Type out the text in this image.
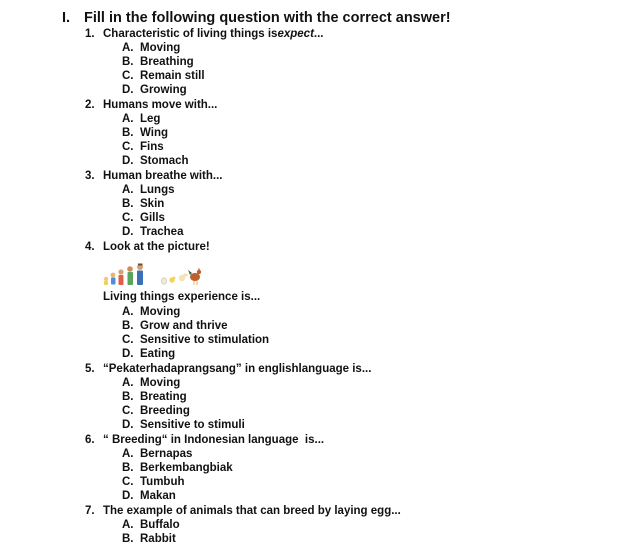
I. Fill in the following question with the correct answer!
1. Characteristic of living things isexpect...
A. Moving
B. Breathing
C. Remain still
D. Growing
2. Humans move with...
A. Leg
B. Wing
C. Fins
D. Stomach
3. Human breathe with...
A. Lungs
B. Skin
C. Gills
D. Trachea
4. Look at the picture!
Living things experience is...
A. Moving
B. Grow and thrive
C. Sensitive to stimulation
D. Eating
5. “Pekaterhadaprangsang” in englishlanguage is...
A. Moving
B. Breating
C. Breeding
D. Sensitive to stimuli
6. “ Breeding“ in Indonesian language  is...
A. Bernapas
B. Berkembangbiak
C. Tumbuh
D. Makan
7. The example of animals that can breed by laying egg...
A. Buffalo
B. Rabbit
